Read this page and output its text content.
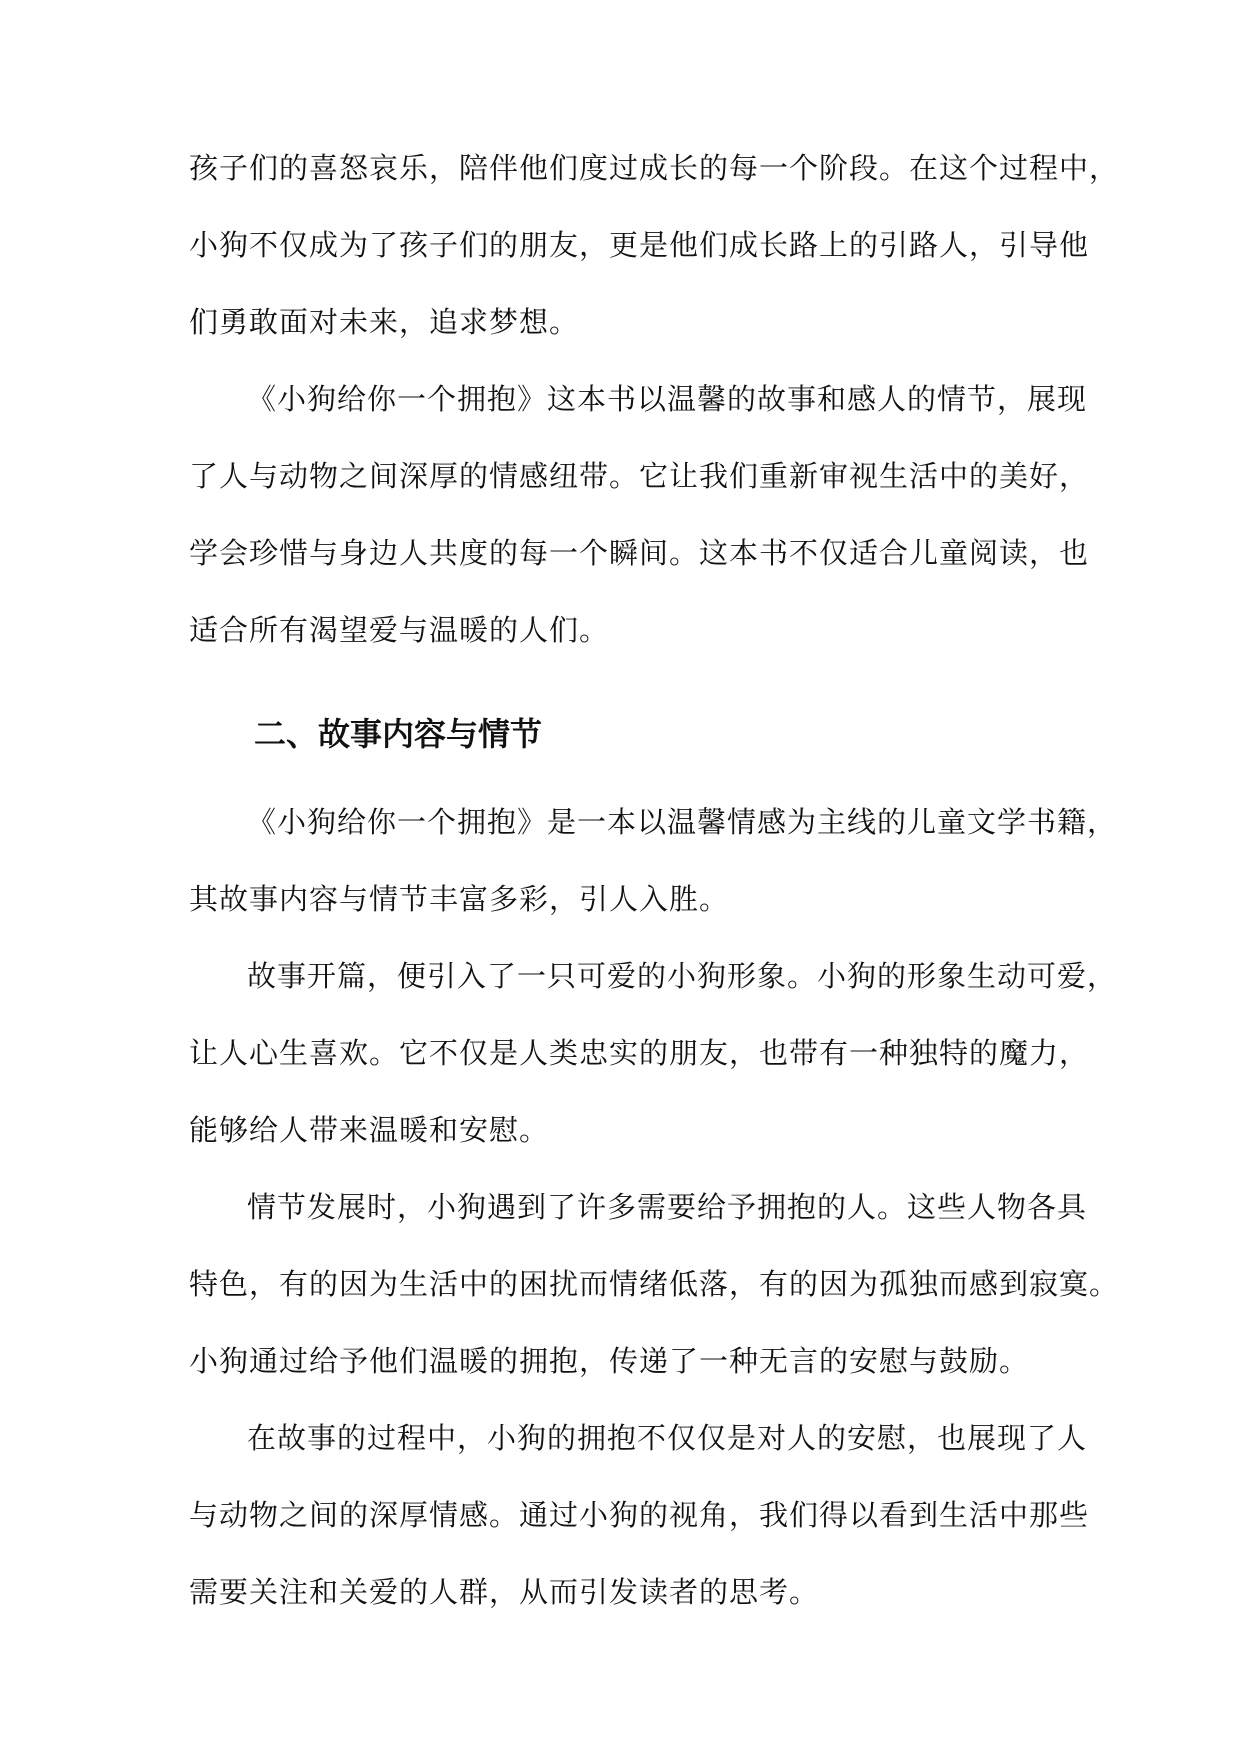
孩子们的喜怒哀乐，陪伴他们度过成长的每一个阶段。在这个过程中，
小狗不仅成为了孩子们的朋友，更是他们成长路上的引路人，引导他
们勇敢面对未来，追求梦想。
《小狗给你一个拥抱》这本书以温馨的故事和感人的情节，展现
了人与动物之间深厚的情感纽带。它让我们重新审视生活中的美好，
学会珍惜与身边人共度的每一个瞬间。这本书不仅适合儿童阅读，也
适合所有渴望爱与温暖的人们。
二、故事内容与情节
《小狗给你一个拥抱》是一本以温馨情感为主线的儿童文学书籍，
其故事内容与情节丰富多彩，引人入胜。
故事开篇，便引入了一只可爱的小狗形象。小狗的形象生动可爱，
让人心生喜欢。它不仅是人类忠实的朋友，也带有一种独特的魔力，
能够给人带来温暖和安慰。
情节发展时，小狗遇到了许多需要给予拥抱的人。这些人物各具
特色，有的因为生活中的困扰而情绪低落，有的因为孤独而感到寂寞。
小狗通过给予他们温暖的拥抱，传递了一种无言的安慰与鼓励。
在故事的过程中，小狗的拥抱不仅仅是对人的安慰，也展现了人
与动物之间的深厚情感。通过小狗的视角，我们得以看到生活中那些
需要关注和关爱的人群，从而引发读者的思考。
